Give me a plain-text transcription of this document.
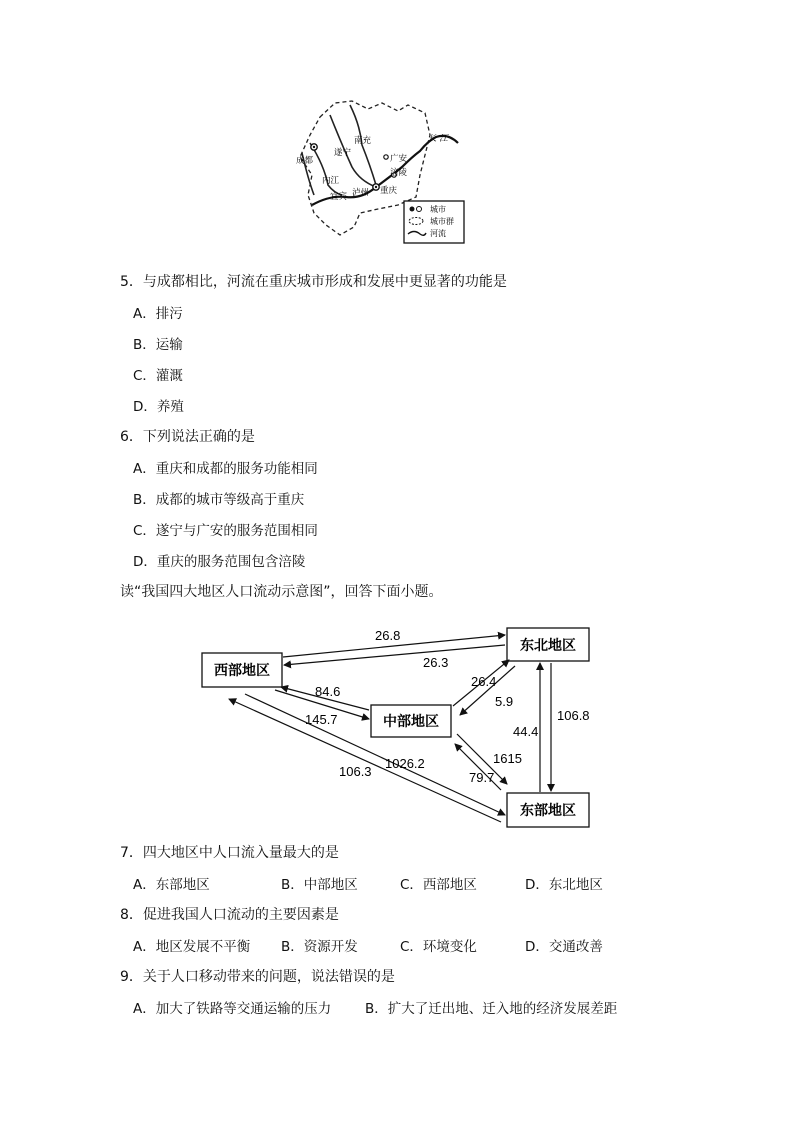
成都
南充
遂宁
广安
内江
涪陵
泸州 重庆
宜宾
长 江
城市
城市群
河流
5．与成都相比，河流在重庆城市形成和发展中更显著的功能是
A．排污
B．运输
C．灌溉
D．养殖
6．下列说法正确的是
A．重庆和成都的服务功能相同
B．成都的城市等级高于重庆
C．遂宁与广安的服务范围相同
D．重庆的服务范围包含涪陵
读“我国四大地区人口流动示意图”，回答下面小题。
西部地区
东北地区
中部地区
东部地区
26.8
26.3
84.6
145.7
26.4
5.9
44.4
106.8
1615
79.7
1026.2
106.3
7．四大地区中人口流入量最大的是
A．东部地区	B．中部地区	C．西部地区	D．东北地区
8．促进我国人口流动的主要因素是
A．地区发展不平衡 B．资源开发	C．环境变化	D．交通改善
9．关于人口移动带来的问题，说法错误的是
A．加大了铁路等交通运输的压力	B．扩大了迁出地、迁入地的经济发展差距
